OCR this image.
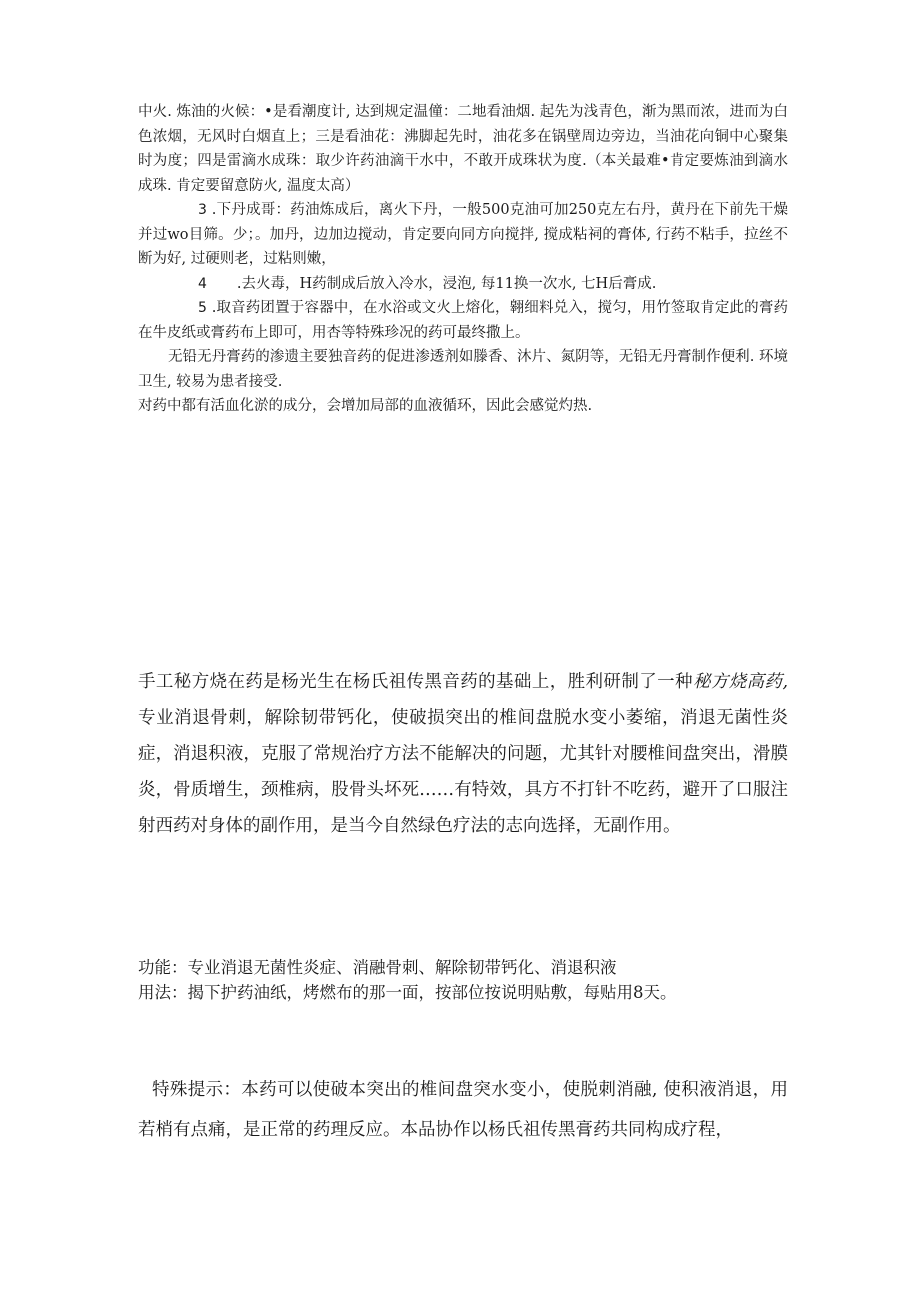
中火. 炼油的火候：•是看潮度计, 达到规定温僮：二地看油烟. 起先为浅青色，渐为黑而浓，进而为白色浓烟，无风时白烟直上；三是看油花：沸脚起先时，油花多在锅壁周边旁边，当油花向铜中心聚集时为度；四是雷滴水成珠：取少许药油滴干水中，不敢开成珠状为度.（本关最难•肯定要炼油到滴水成珠. 肯定要留意防火, 温度太高）

3 .下丹成哥：药油炼成后，离火下丹，一般500克油可加250克左右丹，黄丹在下前先干燥并过wo目筛。少；。加丹，边加边搅动，肯定要向同方向搅拌, 搅成粘祠的膏体, 行药不粘手，拉丝不断为好, 过硬则老，过粘则嫩，

4 .去火毒，H药制成后放入冷水，浸泡, 每11换一次水, 七H后膏成.

5 .取音药团置于容器中，在水浴或文火上熔化，翱细料兑入，搅匀，用竹签取肯定此的膏药在牛皮纸或膏药布上即可，用杏等特殊珍况的药可最终撒上。

无铅无丹膏药的渗遗主要独音药的促进渗透剂如滕香、沐片、氮阴等，无铅无丹膏制作便利. 环境卫生, 较易为患者接受.

对药中都有活血化淤的成分，会增加局部的血液循环，因此会感觉灼热.

手工秘方烧在药是杨光生在杨氏祖传黑音药的基础上，胜利研制了一种秘方烧高药, 专业消退骨刺，解除韧带钙化，使破损突出的椎间盘脱水变小萎缩，消退无菌性炎症，消退积液，克服了常规治疗方法不能解决的问题，尤其针对腰椎间盘突出，滑膜炎，骨质增生，颈椎病，股骨头坏死……有特效，具方不打针不吃药，避开了口服注射西药对身体的副作用，是当今自然绿色疗法的志向选择，无副作用。

功能：专业消退无菌性炎症、消融骨刺、解除韧带钙化、消退积液

用法：揭下护药油纸，烤燃布的那一面，按部位按说明贴敷，每贴用8天。

特殊提示：本药可以使破本突出的椎间盘突水变小，使脱刺消融, 使积液消退，用若梢有点痛，是正常的药理反应。本品协作以杨氏祖传黑膏药共同构成疗程，
